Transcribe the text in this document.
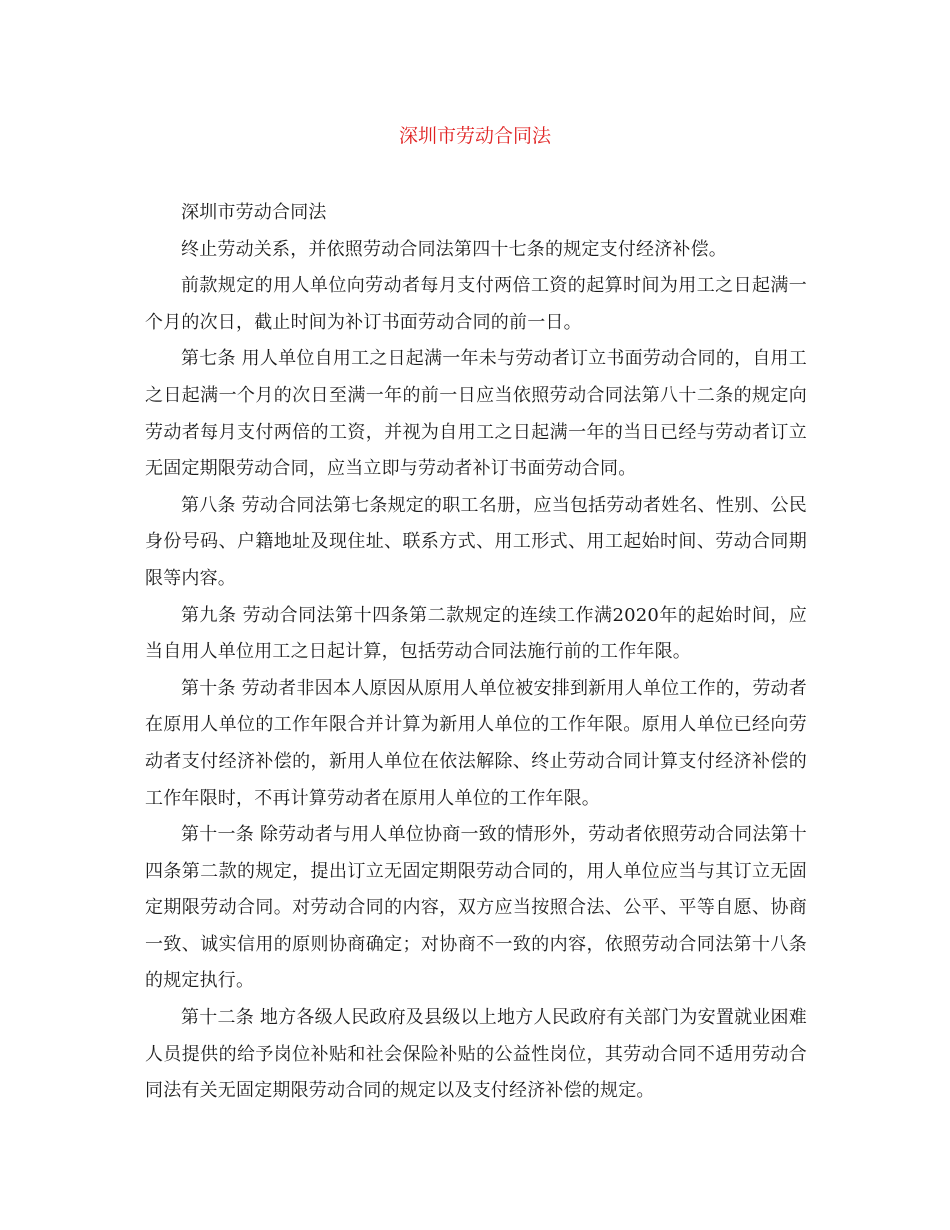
深圳市劳动合同法

深圳市劳动合同法

终止劳动关系，并依照劳动合同法第四十七条的规定支付经济补偿。

前款规定的用人单位向劳动者每月支付两倍工资的起算时间为用工之日起满一个月的次日，截止时间为补订书面劳动合同的前一日。

第七条 用人单位自用工之日起满一年未与劳动者订立书面劳动合同的，自用工之日起满一个月的次日至满一年的前一日应当依照劳动合同法第八十二条的规定向劳动者每月支付两倍的工资，并视为自用工之日起满一年的当日已经与劳动者订立无固定期限劳动合同，应当立即与劳动者补订书面劳动合同。

第八条 劳动合同法第七条规定的职工名册，应当包括劳动者姓名、性别、公民身份号码、户籍地址及现住址、联系方式、用工形式、用工起始时间、劳动合同期限等内容。

第九条 劳动合同法第十四条第二款规定的连续工作满2020年的起始时间，应当自用人单位用工之日起计算，包括劳动合同法施行前的工作年限。

第十条 劳动者非因本人原因从原用人单位被安排到新用人单位工作的，劳动者在原用人单位的工作年限合并计算为新用人单位的工作年限。原用人单位已经向劳动者支付经济补偿的，新用人单位在依法解除、终止劳动合同计算支付经济补偿的工作年限时，不再计算劳动者在原用人单位的工作年限。

第十一条 除劳动者与用人单位协商一致的情形外，劳动者依照劳动合同法第十四条第二款的规定，提出订立无固定期限劳动合同的，用人单位应当与其订立无固定期限劳动合同。对劳动合同的内容，双方应当按照合法、公平、平等自愿、协商一致、诚实信用的原则协商确定；对协商不一致的内容，依照劳动合同法第十八条的规定执行。

第十二条 地方各级人民政府及县级以上地方人民政府有关部门为安置就业困难人员提供的给予岗位补贴和社会保险补贴的公益性岗位，其劳动合同不适用劳动合同法有关无固定期限劳动合同的规定以及支付经济补偿的规定。
